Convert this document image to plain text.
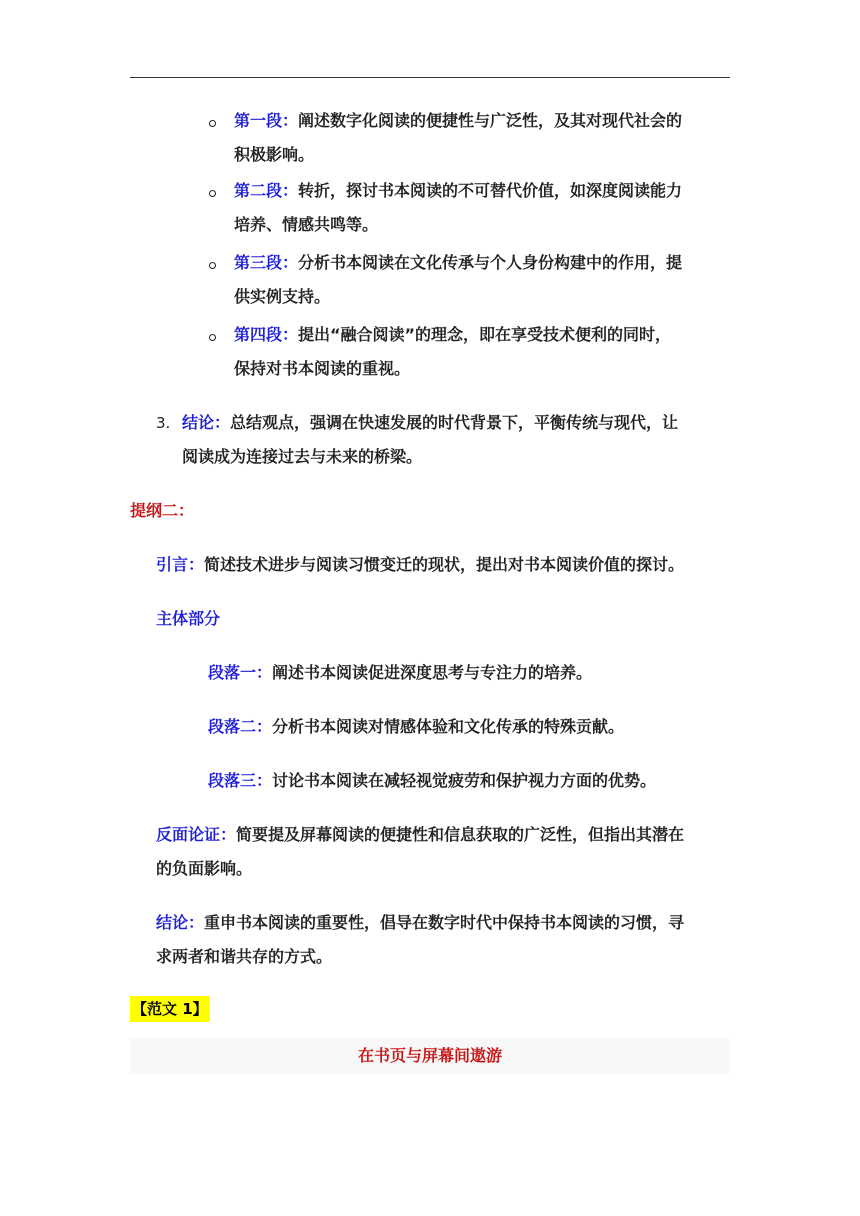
第一段：阐述数字化阅读的便捷性与广泛性，及其对现代社会的
积极影响。
第二段：转折，探讨书本阅读的不可替代价值，如深度阅读能力
培养、情感共鸣等。
第三段：分析书本阅读在文化传承与个人身份构建中的作用，提
供实例支持。
第四段：提出“融合阅读”的理念，即在享受技术便利的同时，
保持对书本阅读的重视。
3. 结论：总结观点，强调在快速发展的时代背景下，平衡传统与现代，让
阅读成为连接过去与未来的桥梁。
提纲二：
引言：简述技术进步与阅读习惯变迁的现状，提出对书本阅读价值的探讨。
主体部分
段落一：阐述书本阅读促进深度思考与专注力的培养。
段落二：分析书本阅读对情感体验和文化传承的特殊贡献。
段落三：讨论书本阅读在减轻视觉疲劳和保护视力方面的优势。
反面论证：简要提及屏幕阅读的便捷性和信息获取的广泛性，但指出其潜在
的负面影响。
结论：重申书本阅读的重要性，倡导在数字时代中保持书本阅读的习惯，寻
求两者和谐共存的方式。
【范文 1】
在书页与屏幕间遨游
